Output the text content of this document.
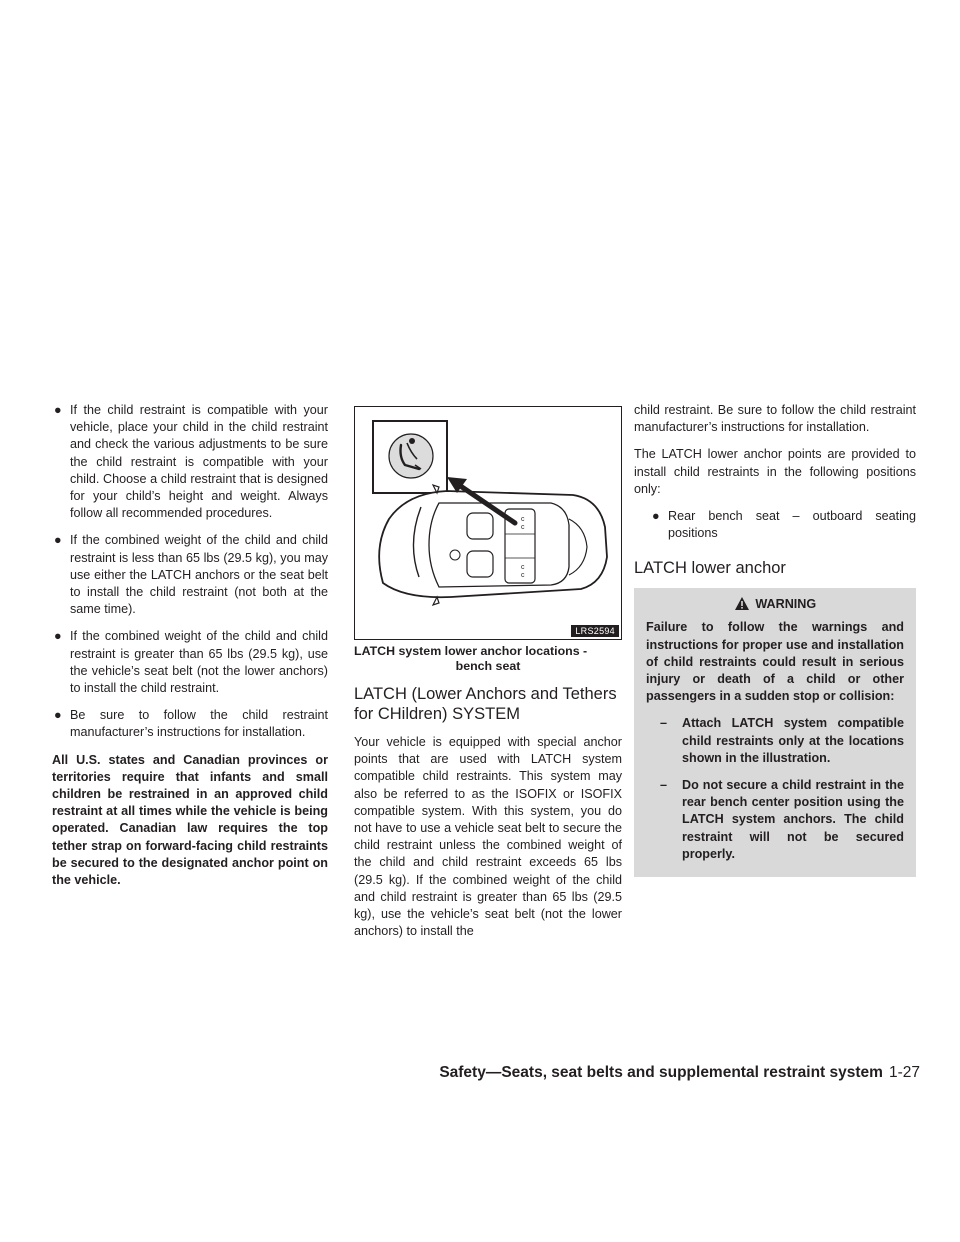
● If the child restraint is compatible with your vehicle, place your child in the child restraint and check the various adjustments to be sure the child restraint is compatible with your child. Choose a child restraint that is designed for your child’s height and weight. Always follow all recommended procedures.
● If the combined weight of the child and child restraint is less than 65 lbs (29.5 kg), you may use either the LATCH anchors or the seat belt to install the child restraint (not both at the same time).
● If the combined weight of the child and child restraint is greater than 65 lbs (29.5 kg), use the vehicle’s seat belt (not the lower anchors) to install the child restraint.
● Be sure to follow the child restraint manufacturer’s instructions for installation.

All U.S. states and Canadian provinces or territories require that infants and small children be restrained in an approved child restraint at all times while the vehicle is being operated. Canadian law requires the top tether strap on forward-facing child restraints be secured to the designated anchor point on the vehicle.

c
c
c
c
LRS2594
LATCH system lower anchor locations -
bench seat
LATCH (Lower Anchors and Tethers
for CHildren) SYSTEM

Your vehicle is equipped with special anchor points that are used with LATCH system compatible child restraints. This system may also be referred to as the ISOFIX or ISOFIX compatible system. With this system, you do not have to use a vehicle seat belt to secure the child restraint unless the combined weight of the child and child restraint exceeds 65 lbs (29.5 kg). If the combined weight of the child and child restraint is greater than 65 lbs (29.5 kg), use the vehicle’s seat belt (not the lower anchors) to install the

child restraint. Be sure to follow the child restraint manufacturer’s instructions for installation.

The LATCH lower anchor points are provided to install child restraints in the following positions only:

● Rear bench seat – outboard seating positions
LATCH lower anchor
WARNING

Failure to follow the warnings and instructions for proper use and installation of child restraints could result in serious injury or death of a child or other passengers in a sudden stop or collision:

– Attach LATCH system compatible child restraints only at the locations shown in the illustration.
– Do not secure a child restraint in the rear bench center position using the LATCH system anchors. The child restraint will not be secured properly.
Safety—Seats, seat belts and supplemental restraint system 1-27
